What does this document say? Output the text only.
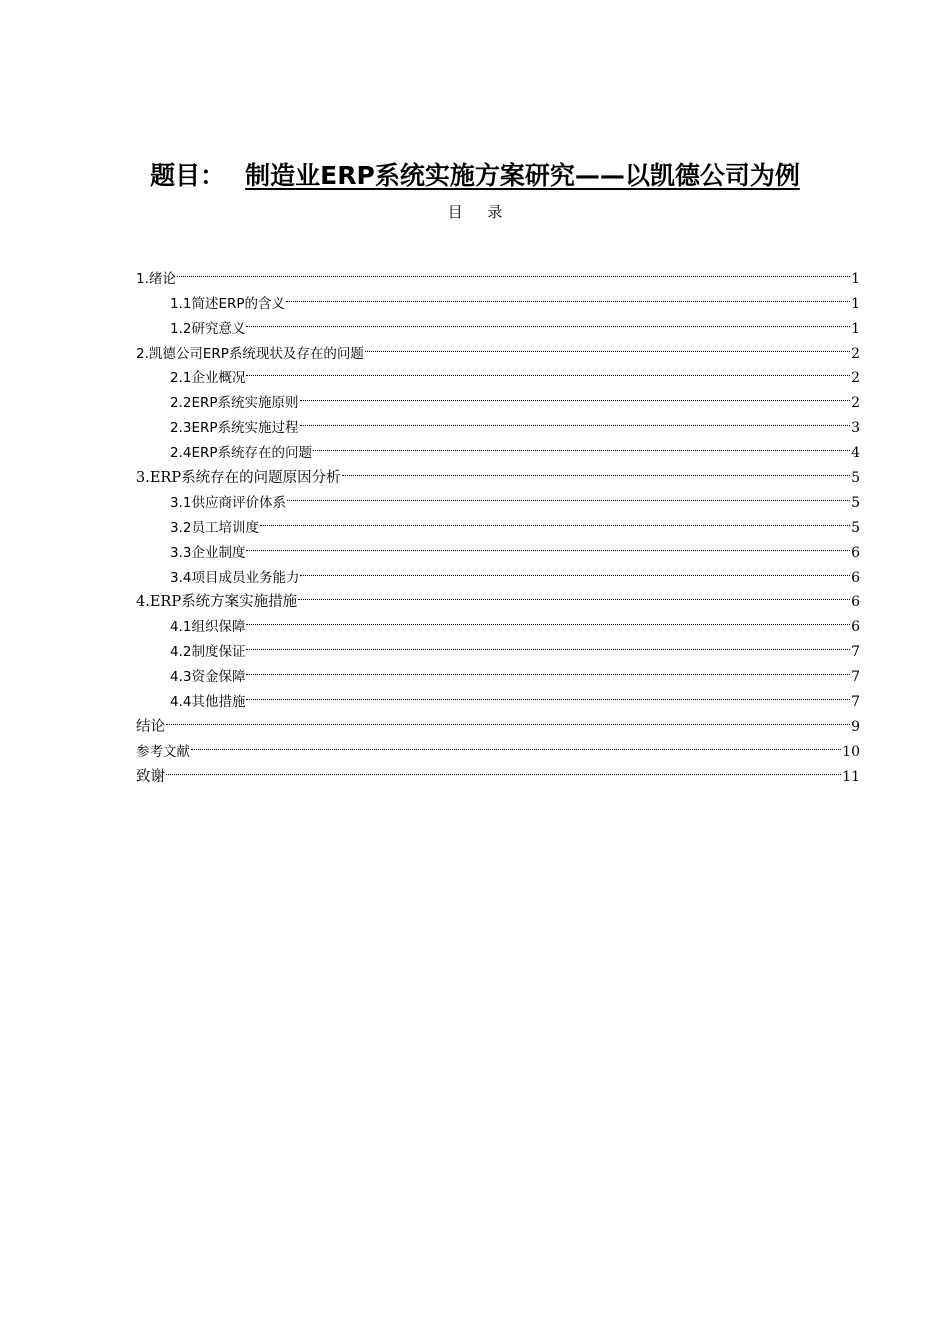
题目： 制造业ERP系统实施方案研究——以凯德公司为例
目 录
1.绪论	1
1.1简述ERP的含义	1
1.2研究意义	1
2.凯德公司ERP系统现状及存在的问题	2
2.1企业概况	2
2.2ERP系统实施原则	2
2.3ERP系统实施过程	3
2.4ERP系统存在的问题	4
3.ERP系统存在的问题原因分析	5
3.1供应商评价体系	5
3.2员工培训度	5
3.3企业制度	6
3.4项目成员业务能力	6
4.ERP系统方案实施措施	6
4.1组织保障	6
4.2制度保证	7
4.3资金保障	7
4.4其他措施	7
结论	9
参考文献	10
致谢	11
